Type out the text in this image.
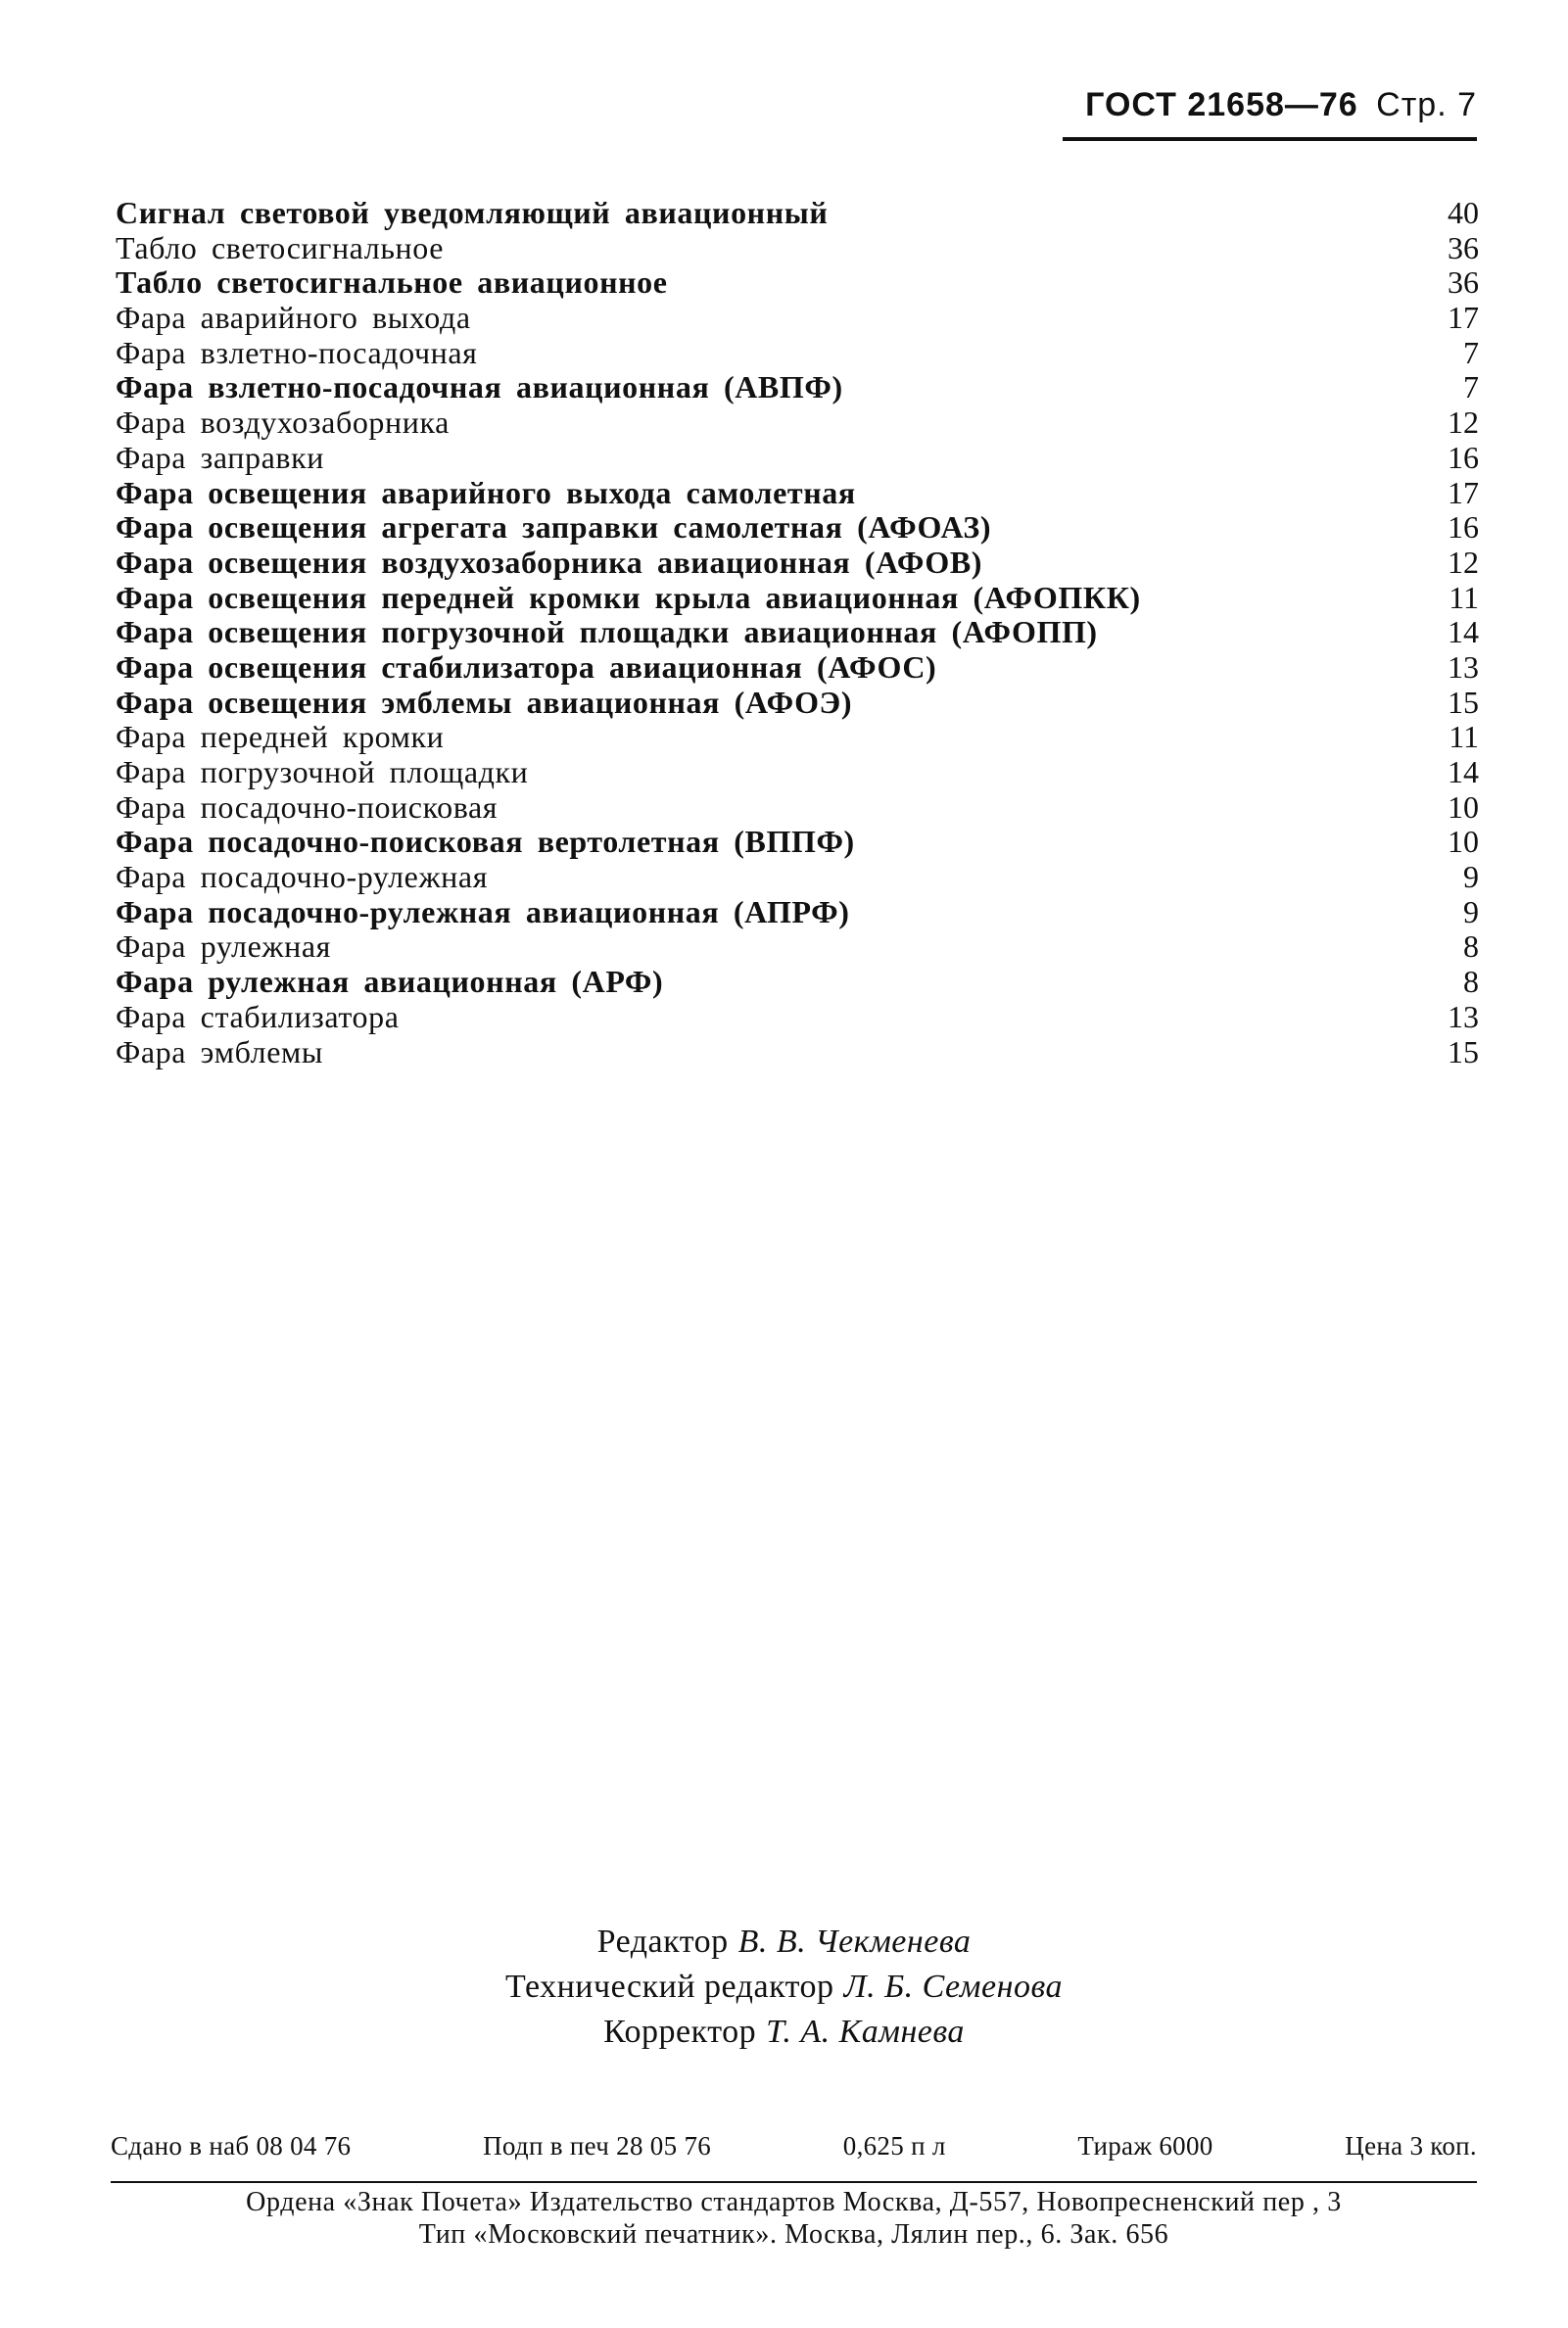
ГОСТ 21658—76 Стр. 7
Сигнал световой уведомляющий авиационный	40
Табло светосигнальное	36
Табло светосигнальное авиационное	36
Фара аварийного выхода	17
Фара взлетно-посадочная	7
Фара взлетно-посадочная авиационная (АВПФ)	7
Фара воздухозаборника	12
Фара заправки	16
Фара освещения аварийного выхода самолетная	17
Фара освещения агрегата заправки самолетная (АФОАЗ)	16
Фара освещения воздухозаборника авиационная (АФОВ)	12
Фара освещения передней кромки крыла авиационная (АФОПКК)	11
Фара освещения погрузочной площадки авиационная (АФОПП)	14
Фара освещения стабилизатора авиационная (АФОС)	13
Фара освещения эмблемы авиационная (АФОЭ)	15
Фара передней кромки	11
Фара погрузочной площадки	14
Фара посадочно-поисковая	10
Фара посадочно-поисковая вертолетная (ВППФ)	10
Фара посадочно-рулежная	9
Фара посадочно-рулежная авиационная (АПРФ)	9
Фара рулежная	8
Фара рулежная авиационная (АРФ)	8
Фара стабилизатора	13
Фара эмблемы	15
Редактор В. В. Чекменева
Технический редактор Л. Б. Семенова
Корректор Т. А. Камнева
Сдано в наб 08 04 76	Подп в печ 28 05 76	0,625 п л	Тираж 6000	Цена 3 коп.
Ордена «Знак Почета» Издательство стандартов Москва, Д-557, Новопресненский пер , 3
Тип «Московский печатник». Москва, Лялин пер., 6. Зак. 656
